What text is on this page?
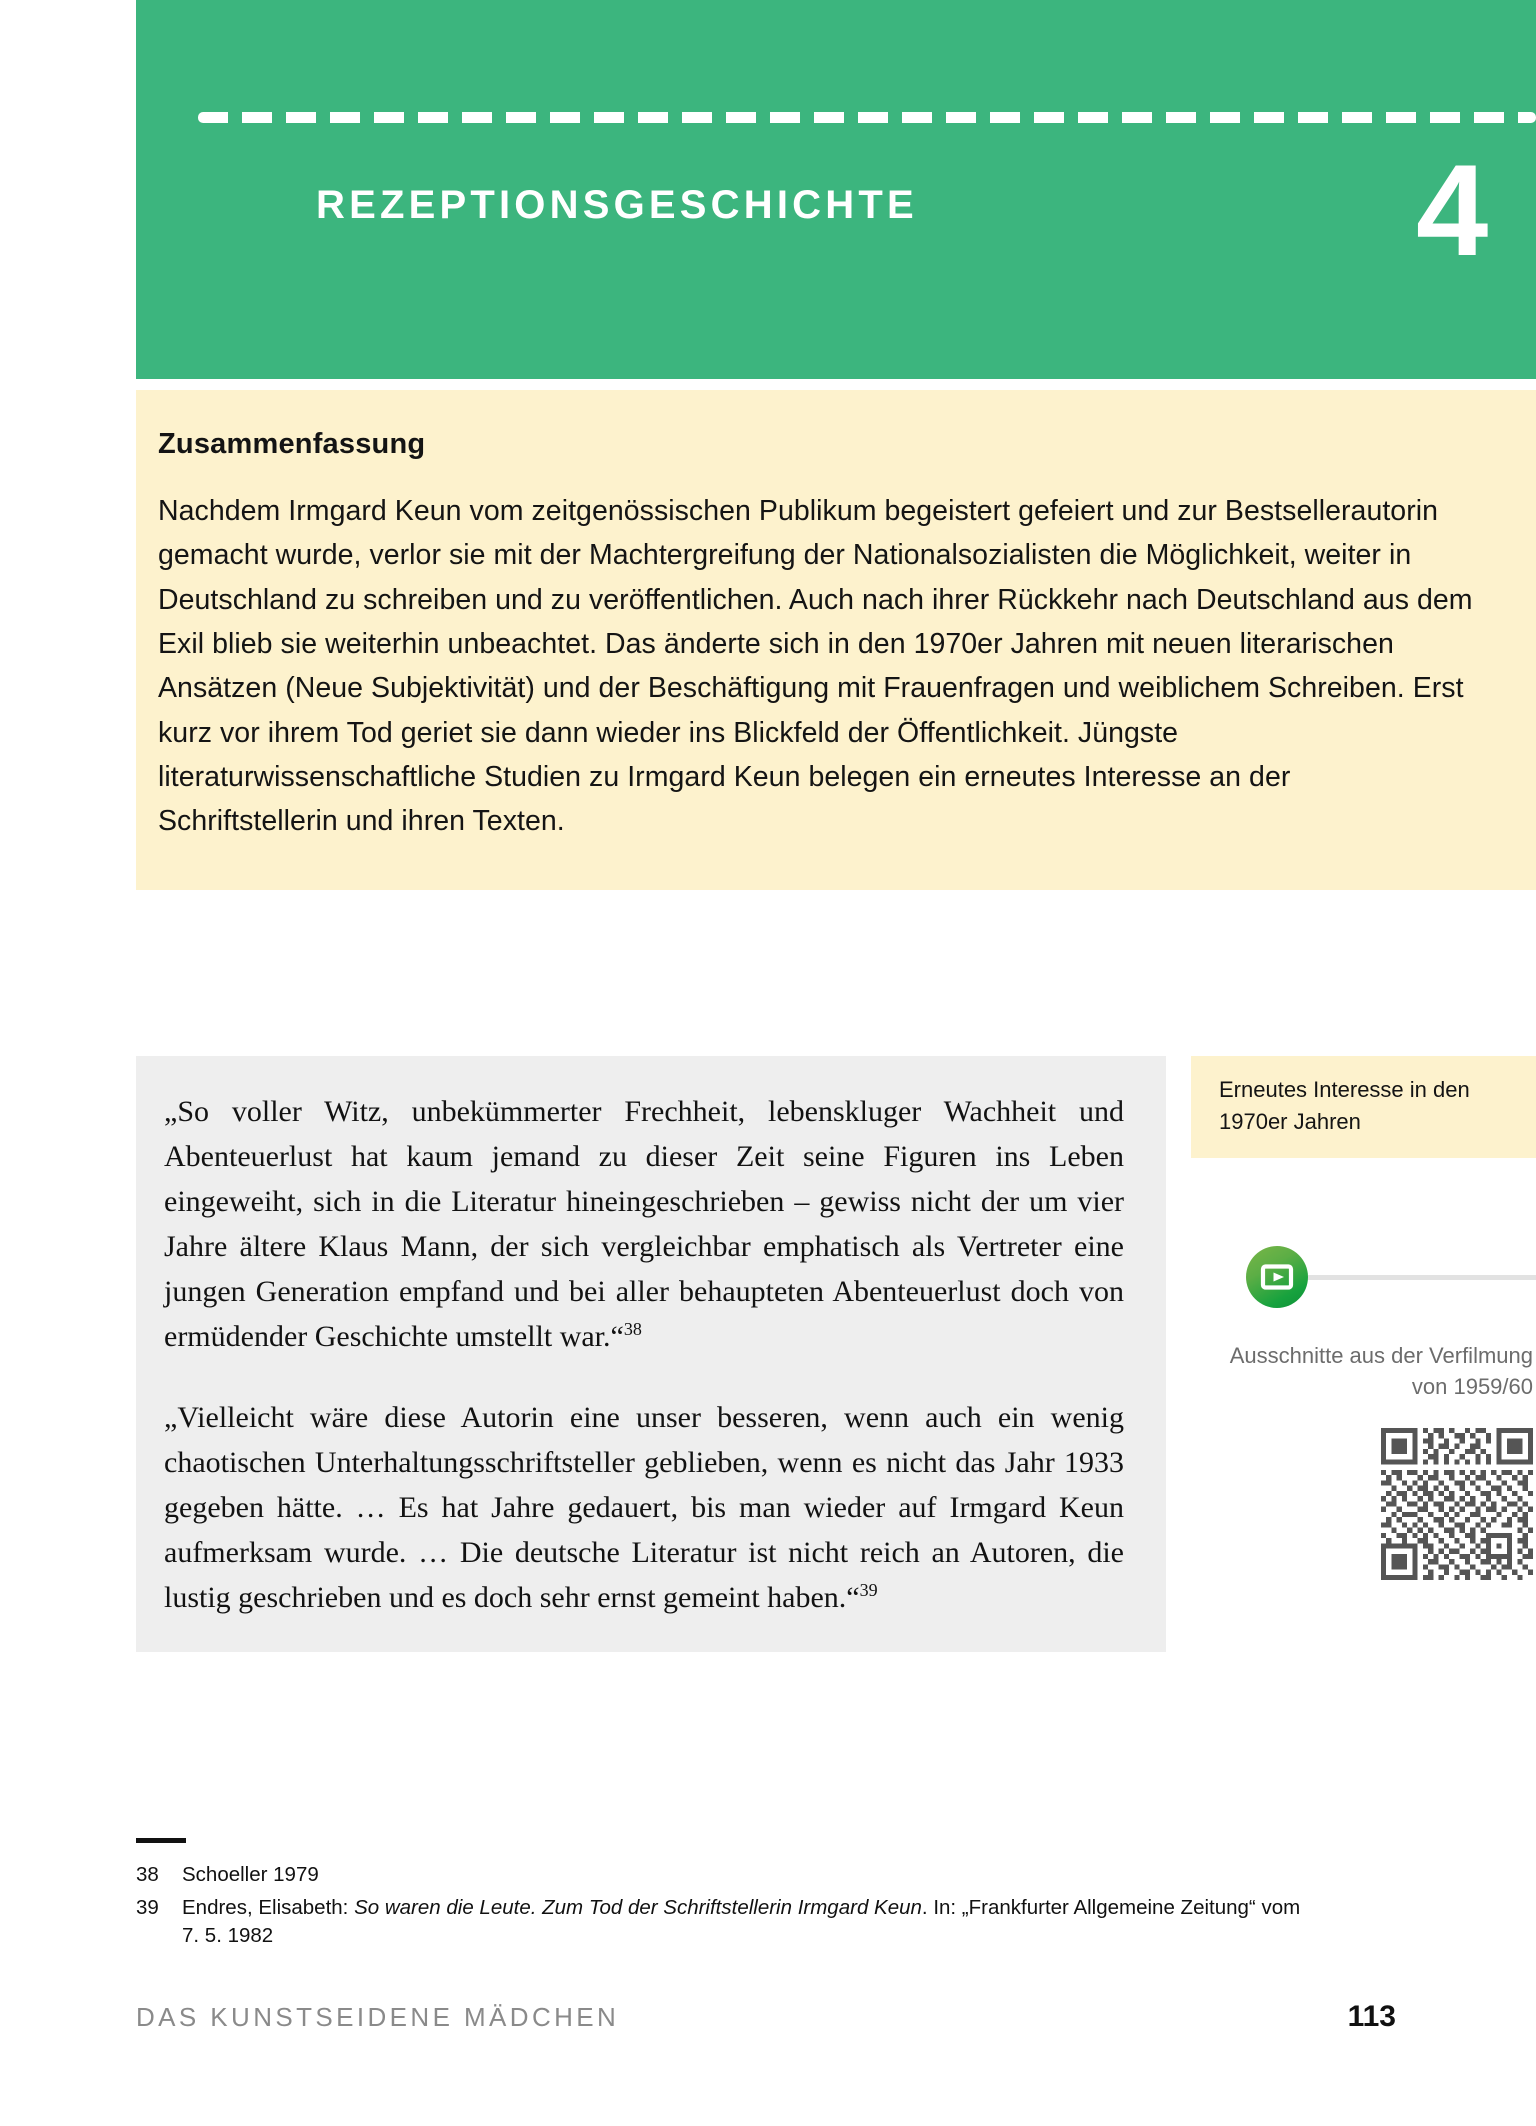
REZEPTIONSGESCHICHTE	4
Zusammenfassung

Nachdem Irmgard Keun vom zeitgenössischen Publikum begeistert gefeiert und zur Bestsellerautorin gemacht wurde, verlor sie mit der Machtergreifung der Nationalsozialisten die Möglichkeit, weiter in Deutschland zu schreiben und zu veröffentlichen. Auch nach ihrer Rückkehr nach Deutschland aus dem Exil blieb sie weiterhin unbeachtet. Das änderte sich in den 1970er Jahren mit neuen literarischen Ansätzen (Neue Subjektivität) und der Beschäftigung mit Frauenfragen und weiblichem Schreiben. Erst kurz vor ihrem Tod geriet sie dann wieder ins Blickfeld der Öffentlichkeit. Jüngste literaturwissenschaftliche Studien zu Irmgard Keun belegen ein erneutes Interesse an der Schriftstellerin und ihren Texten.

„So voller Witz, unbekümmerter Frechheit, lebenskluger Wachheit und Abenteuerlust hat kaum jemand zu dieser Zeit seine Figuren ins Leben eingeweiht, sich in die Literatur hineingeschrieben – gewiss nicht der um vier Jahre ältere Klaus Mann, der sich vergleichbar emphatisch als Vertreter eine jungen Generation empfand und bei aller behaupteten Abenteuerlust doch von ermüdender Geschichte umstellt war.“$^{38}$

„Vielleicht wäre diese Autorin eine unser besseren, wenn auch ein wenig chaotischen Unterhaltungsschriftsteller geblieben, wenn es nicht das Jahr 1933 gegeben hätte. … Es hat Jahre gedauert, bis man wieder auf Irmgard Keun aufmerksam wurde. … Die deutsche Literatur ist nicht reich an Autoren, die lustig geschrieben und es doch sehr ernst gemeint haben.“$^{39}$

Erneutes Interesse in den 1970er Jahren
Ausschnitte aus der Verfilmung von 1959/60
38	Schoeller 1979
39	Endres, Elisabeth: So waren die Leute. Zum Tod der Schriftstellerin Irmgard Keun. In: „Frankfurter Allgemeine Zeitung“ vom 7. 5. 1982
DAS KUNSTSEIDENE MÄDCHEN	113
